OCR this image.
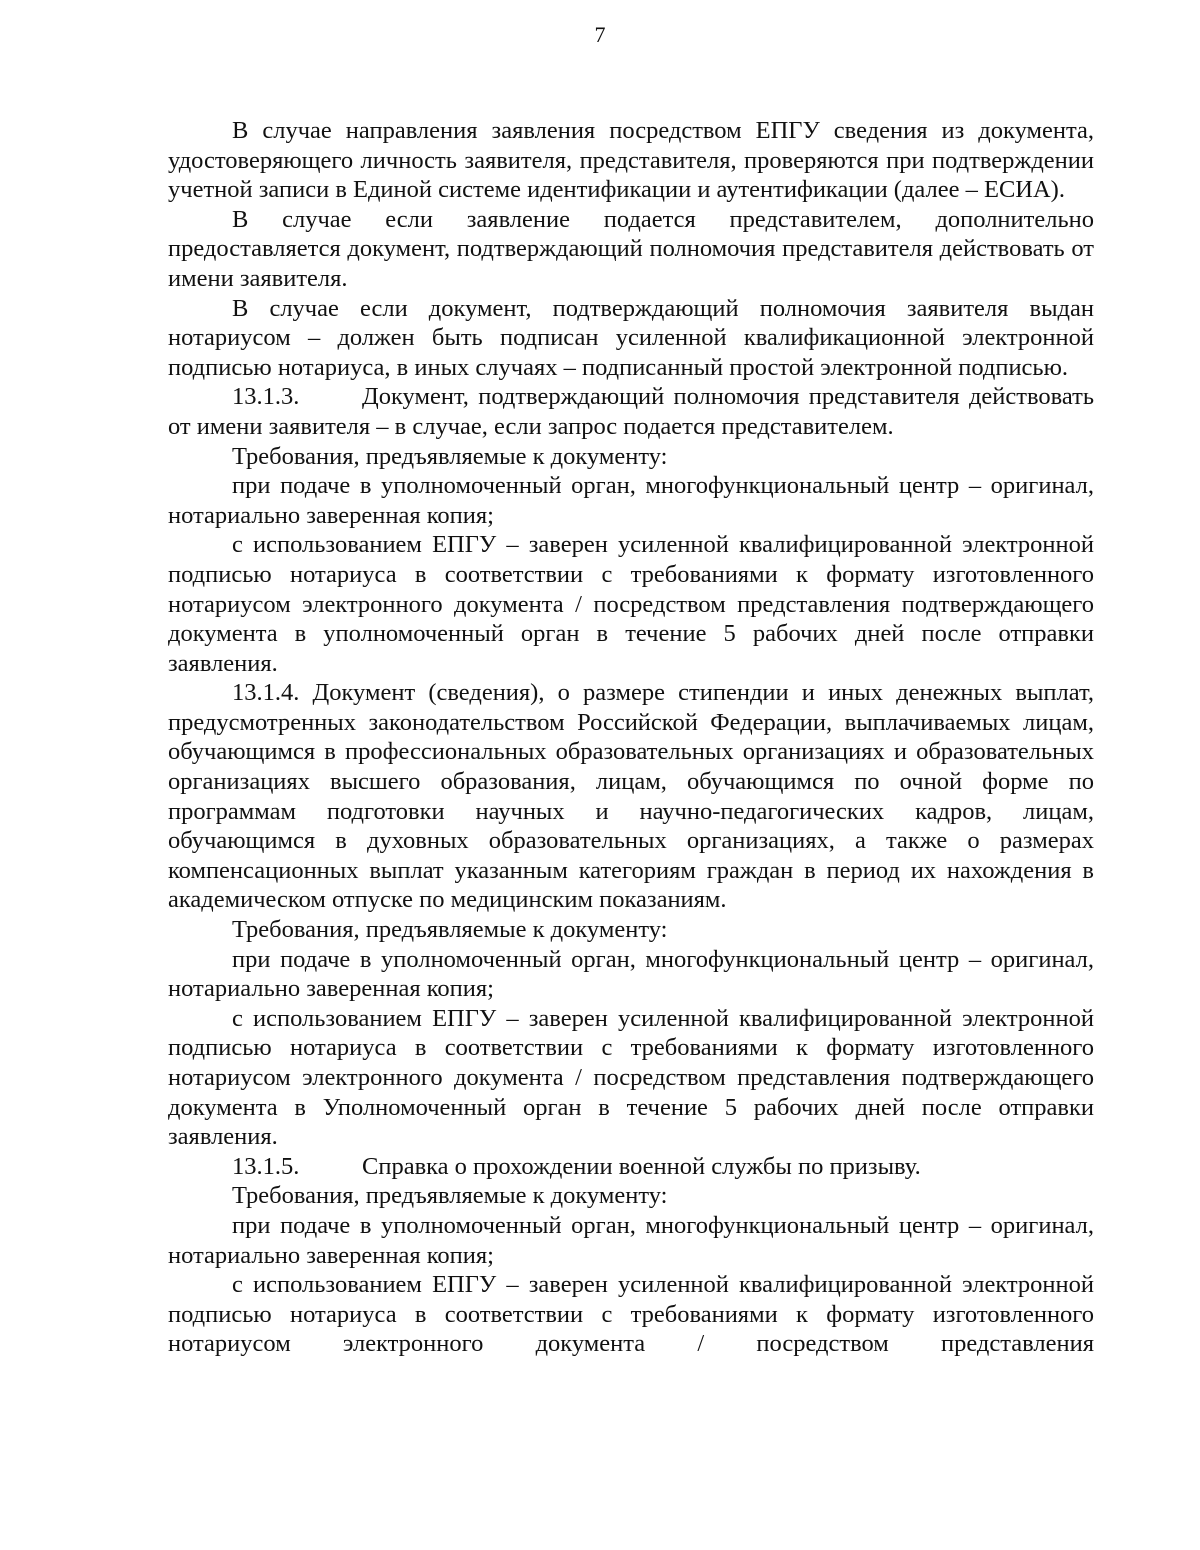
7

В случае направления заявления посредством ЕПГУ сведения из документа, удостоверяющего личность заявителя, представителя, проверяются при подтверждении учетной записи в Единой системе идентификации и аутентификации (далее – ЕСИА).

В случае если заявление подается представителем, дополнительно предоставляется документ, подтверждающий полномочия представителя действовать от имени заявителя.

В случае если документ, подтверждающий полномочия заявителя выдан нотариусом – должен быть подписан усиленной квалификационной электронной подписью нотариуса, в иных случаях – подписанный простой электронной подписью.

13.1.3.	Документ, подтверждающий полномочия представителя действовать от имени заявителя – в случае, если запрос подается представителем.

Требования, предъявляемые к документу:

при подаче в уполномоченный орган, многофункциональный центр – оригинал, нотариально заверенная копия;

с использованием ЕПГУ – заверен усиленной квалифицированной электронной подписью нотариуса в соответствии с требованиями к формату изготовленного нотариусом электронного документа / посредством представления подтверждающего документа в уполномоченный орган в течение 5 рабочих дней после отправки заявления.

13.1.4. Документ (сведения), о размере стипендии и иных денежных выплат, предусмотренных законодательством Российской Федерации, выплачиваемых лицам, обучающимся в профессиональных образовательных организациях и образовательных организациях высшего образования, лицам, обучающимся по очной форме по программам подготовки научных и научно-педагогических кадров, лицам, обучающимся в духовных образовательных организациях, а также о размерах компенсационных выплат указанным категориям граждан в период их нахождения в академическом отпуске по медицинским показаниям.

Требования, предъявляемые к документу:

при подаче в уполномоченный орган, многофункциональный центр – оригинал, нотариально заверенная копия;

с использованием ЕПГУ – заверен усиленной квалифицированной электронной подписью нотариуса в соответствии с требованиями к формату изготовленного нотариусом электронного документа / посредством представления подтверждающего документа в Уполномоченный орган в течение 5 рабочих дней после отправки заявления.

13.1.5.	Справка о прохождении военной службы по призыву.

Требования, предъявляемые к документу:

при подаче в уполномоченный орган, многофункциональный центр – оригинал, нотариально заверенная копия;

с использованием ЕПГУ – заверен усиленной квалифицированной электронной подписью нотариуса в соответствии с требованиями к формату изготовленного нотариусом электронного документа / посредством представления
